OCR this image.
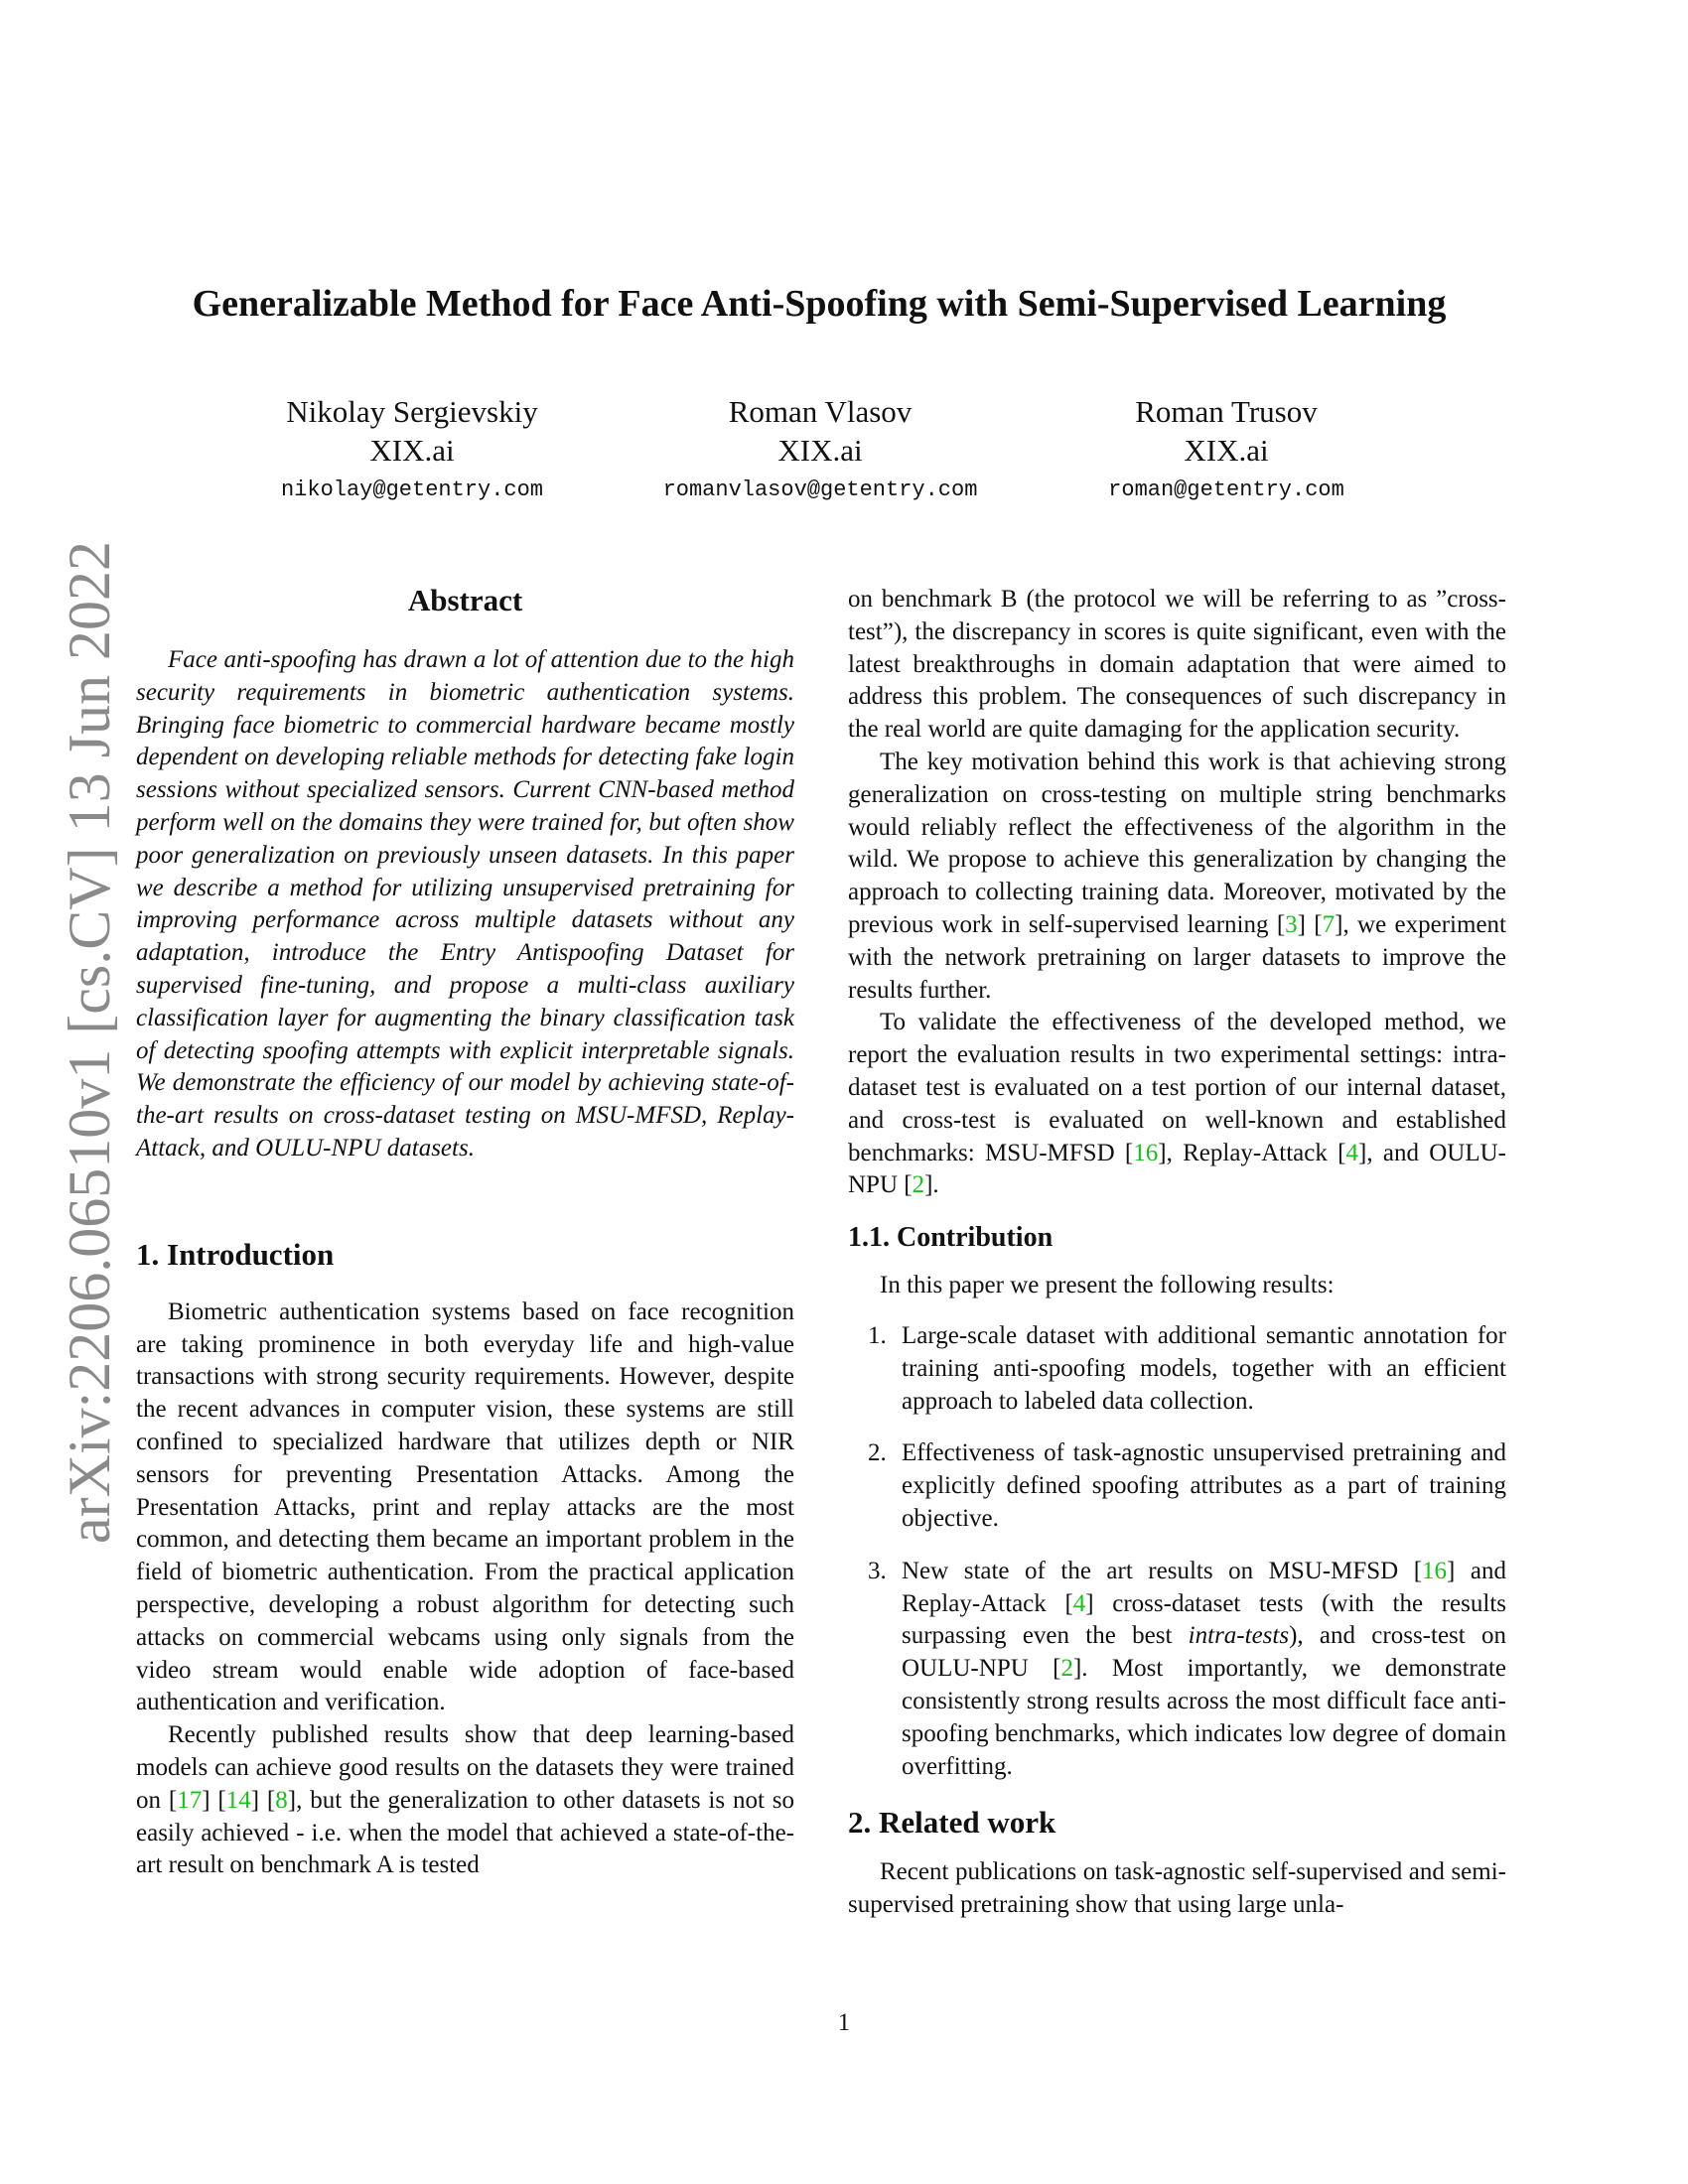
arXiv:2206.06510v1 [cs.CV] 13 Jun 2022
Generalizable Method for Face Anti-Spoofing with Semi-Supervised Learning
Nikolay Sergievskiy
XIX.ai
nikolay@getentry.com
Roman Vlasov
XIX.ai
romanvlasov@getentry.com
Roman Trusov
XIX.ai
roman@getentry.com
Abstract

Face anti-spoofing has drawn a lot of attention due to the high security requirements in biometric authentication systems. Bringing face biometric to commercial hardware became mostly dependent on developing reliable methods for detecting fake login sessions without specialized sensors. Current CNN-based method perform well on the domains they were trained for, but often show poor generalization on previously unseen datasets. In this paper we describe a method for utilizing unsupervised pretraining for improving performance across multiple datasets without any adaptation, introduce the Entry Antispoofing Dataset for supervised fine-tuning, and propose a multi-class auxiliary classification layer for augmenting the binary classification task of detecting spoofing attempts with explicit interpretable signals. We demonstrate the efficiency of our model by achieving state-of-the-art results on cross-dataset testing on MSU-MFSD, Replay-Attack, and OULU-NPU datasets.

1. Introduction

Biometric authentication systems based on face recognition are taking prominence in both everyday life and high-value transactions with strong security requirements. However, despite the recent advances in computer vision, these systems are still confined to specialized hardware that utilizes depth or NIR sensors for preventing Presentation Attacks. Among the Presentation Attacks, print and replay attacks are the most common, and detecting them became an important problem in the field of biometric authentication. From the practical application perspective, developing a robust algorithm for detecting such attacks on commercial webcams using only signals from the video stream would enable wide adoption of face-based authentication and verification.

Recently published results show that deep learning-based models can achieve good results on the datasets they were trained on [17] [14] [8], but the generalization to other datasets is not so easily achieved - i.e. when the model that achieved a state-of-the-art result on benchmark A is tested

on benchmark B (the protocol we will be referring to as ”cross-test”), the discrepancy in scores is quite significant, even with the latest breakthroughs in domain adaptation that were aimed to address this problem. The consequences of such discrepancy in the real world are quite damaging for the application security.

The key motivation behind this work is that achieving strong generalization on cross-testing on multiple string benchmarks would reliably reflect the effectiveness of the algorithm in the wild. We propose to achieve this generalization by changing the approach to collecting training data. Moreover, motivated by the previous work in self-supervised learning [3] [7], we experiment with the network pretraining on larger datasets to improve the results further.

To validate the effectiveness of the developed method, we report the evaluation results in two experimental settings: intra-dataset test is evaluated on a test portion of our internal dataset, and cross-test is evaluated on well-known and established benchmarks: MSU-MFSD [16], Replay-Attack [4], and OULU-NPU [2].

1.1. Contribution

In this paper we present the following results:

1. Large-scale dataset with additional semantic annotation for training anti-spoofing models, together with an efficient approach to labeled data collection.
2. Effectiveness of task-agnostic unsupervised pretraining and explicitly defined spoofing attributes as a part of training objective.
3. New state of the art results on MSU-MFSD [16] and Replay-Attack [4] cross-dataset tests (with the results surpassing even the best intra-tests), and cross-test on OULU-NPU [2]. Most importantly, we demonstrate consistently strong results across the most difficult face anti-spoofing benchmarks, which indicates low degree of domain overfitting.
2. Related work

Recent publications on task-agnostic self-supervised and semi-supervised pretraining show that using large unla-

1
